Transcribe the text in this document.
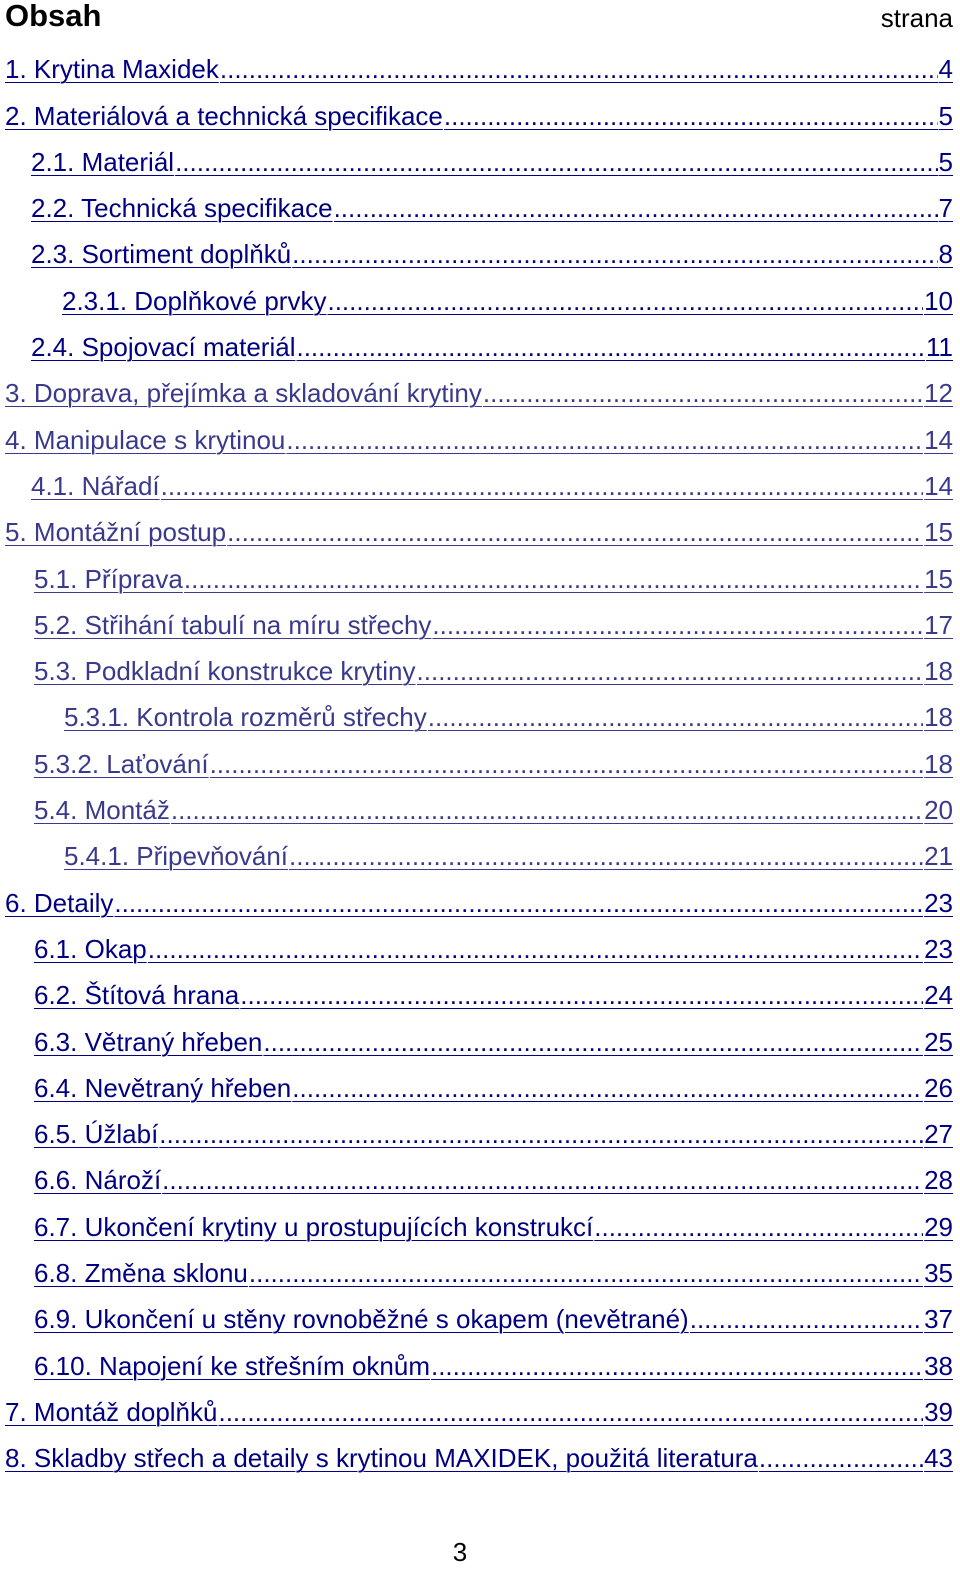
Obsah	strana
1. Krytina Maxidek .....	4
2. Materiálová a technická specifikace .....	5
2.1. Materiál .....	5
2.2. Technická specifikace .....	7
2.3. Sortiment doplňků .....	8
2.3.1. Doplňkové prvky .....	10
2.4. Spojovací materiál .....	11
3. Doprava, přejímka a skladování krytiny .....	12
4. Manipulace s krytinou .....	14
4.1. Nářadí .....	14
5. Montážní postup .....	15
5.1. Příprava .....	15
5.2. Střihání tabulí na míru střechy .....	17
5.3. Podkladní konstrukce krytiny .....	18
5.3.1. Kontrola rozměrů střechy .....	18
5.3.2. Laťování .....	18
5.4. Montáž .....	20
5.4.1. Připevňování .....	21
6. Detaily .....	23
6.1. Okap .....	23
6.2. Štítová hrana .....	24
6.3. Větraný hřeben .....	25
6.4. Nevětraný hřeben .....	26
6.5. Úžlabí .....	27
6.6. Nároží .....	28
6.7. Ukončení krytiny u prostupujících konstrukcí .....	29
6.8. Změna sklonu .....	35
6.9. Ukončení u stěny rovnoběžné s okapem (nevětrané) .....	37
6.10. Napojení ke střešním oknům .....	38
7. Montáž doplňků .....	39
8. Skladby střech a detaily s krytinou MAXIDEK, použitá literatura .....	43
3
